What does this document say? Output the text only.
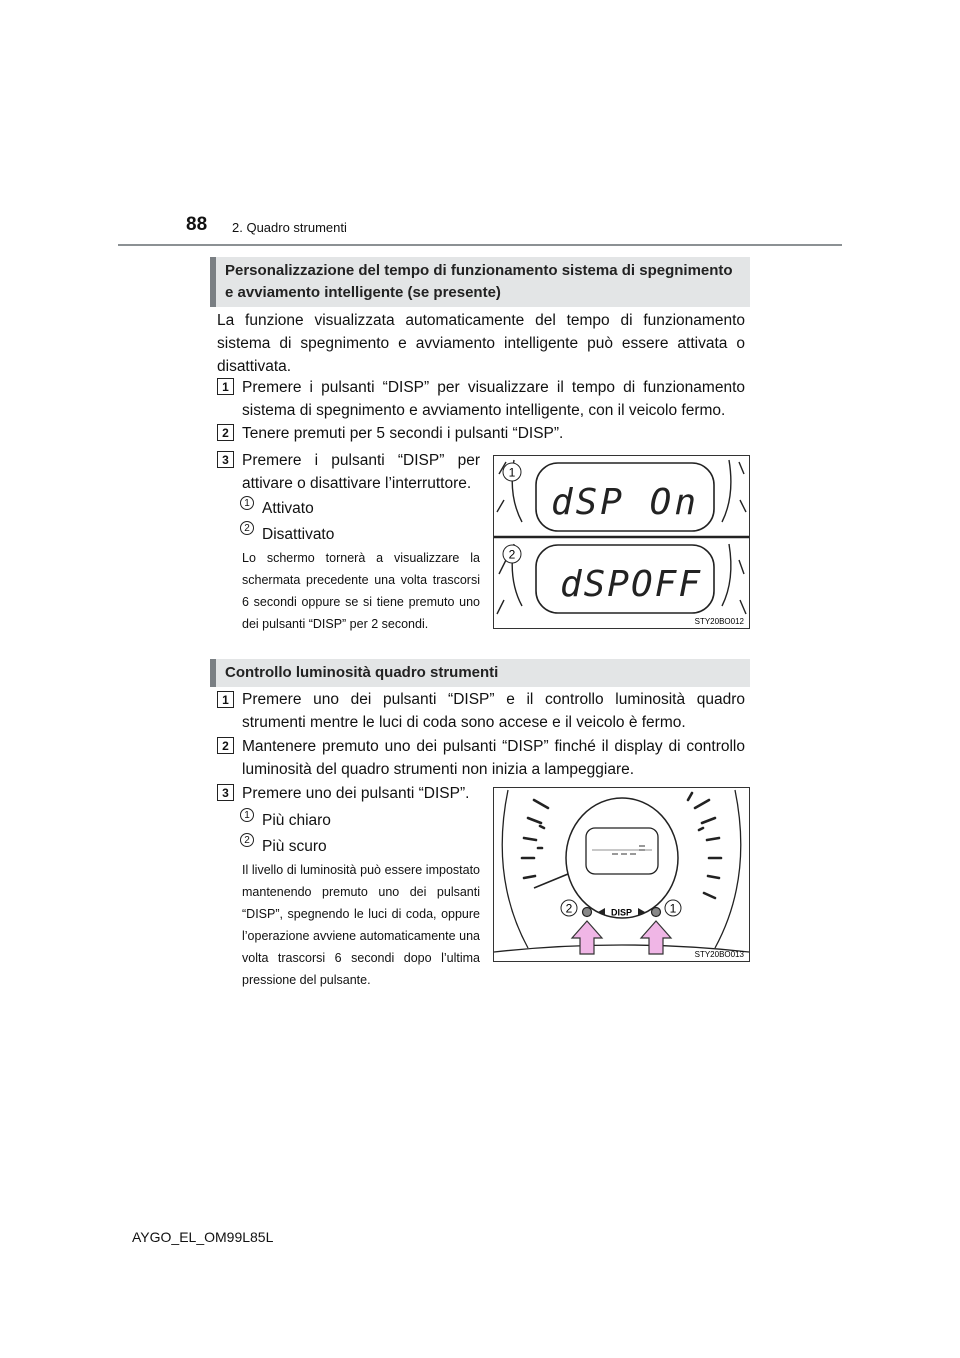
88 2. Quadro strumenti
Personalizzazione del tempo di funzionamento sistema di spegnimento e avviamento intelligente (se presente)
La funzione visualizzata automaticamente del tempo di funzionamento sistema di spegnimento e avviamento intelligente può essere attivata o disattivata.
1 Premere i pulsanti “DISP” per visualizzare il tempo di funzionamento sistema di spegnimento e avviamento intelligente, con il veicolo fermo.
2 Tenere premuti per 5 secondi i pulsanti “DISP”.
3 Premere i pulsanti “DISP” per attivare o disattivare l’interruttore.
1 Attivato
2 Disattivato
Lo schermo tornerà a visualizzare la schermata precedente una volta trascorsi 6 secondi oppure se si tiene premuto uno dei pulsanti “DISP” per 2 secondi.
1
2
dSP On
dSPOFF
STY20BO012
Controllo luminosità quadro strumenti
1 Premere uno dei pulsanti “DISP” e il controllo luminosità quadro strumenti mentre le luci di coda sono accese e il veicolo è fermo.
2 Mantenere premuto uno dei pulsanti “DISP” finché il display di controllo luminosità del quadro strumenti non inizia a lampeggiare.
3 Premere uno dei pulsanti “DISP”.
1 Più chiaro
2 Più scuro
Il livello di luminosità può essere impostato mantenendo premuto uno dei pulsanti “DISP”, spegnendo le luci di coda, oppure l’operazione avviene automaticamente una volta trascorsi 6 secondi dopo l’ultima pressione del pulsante.
DISP
2	1
STY20BO013
AYGO_EL_OM99L85L
